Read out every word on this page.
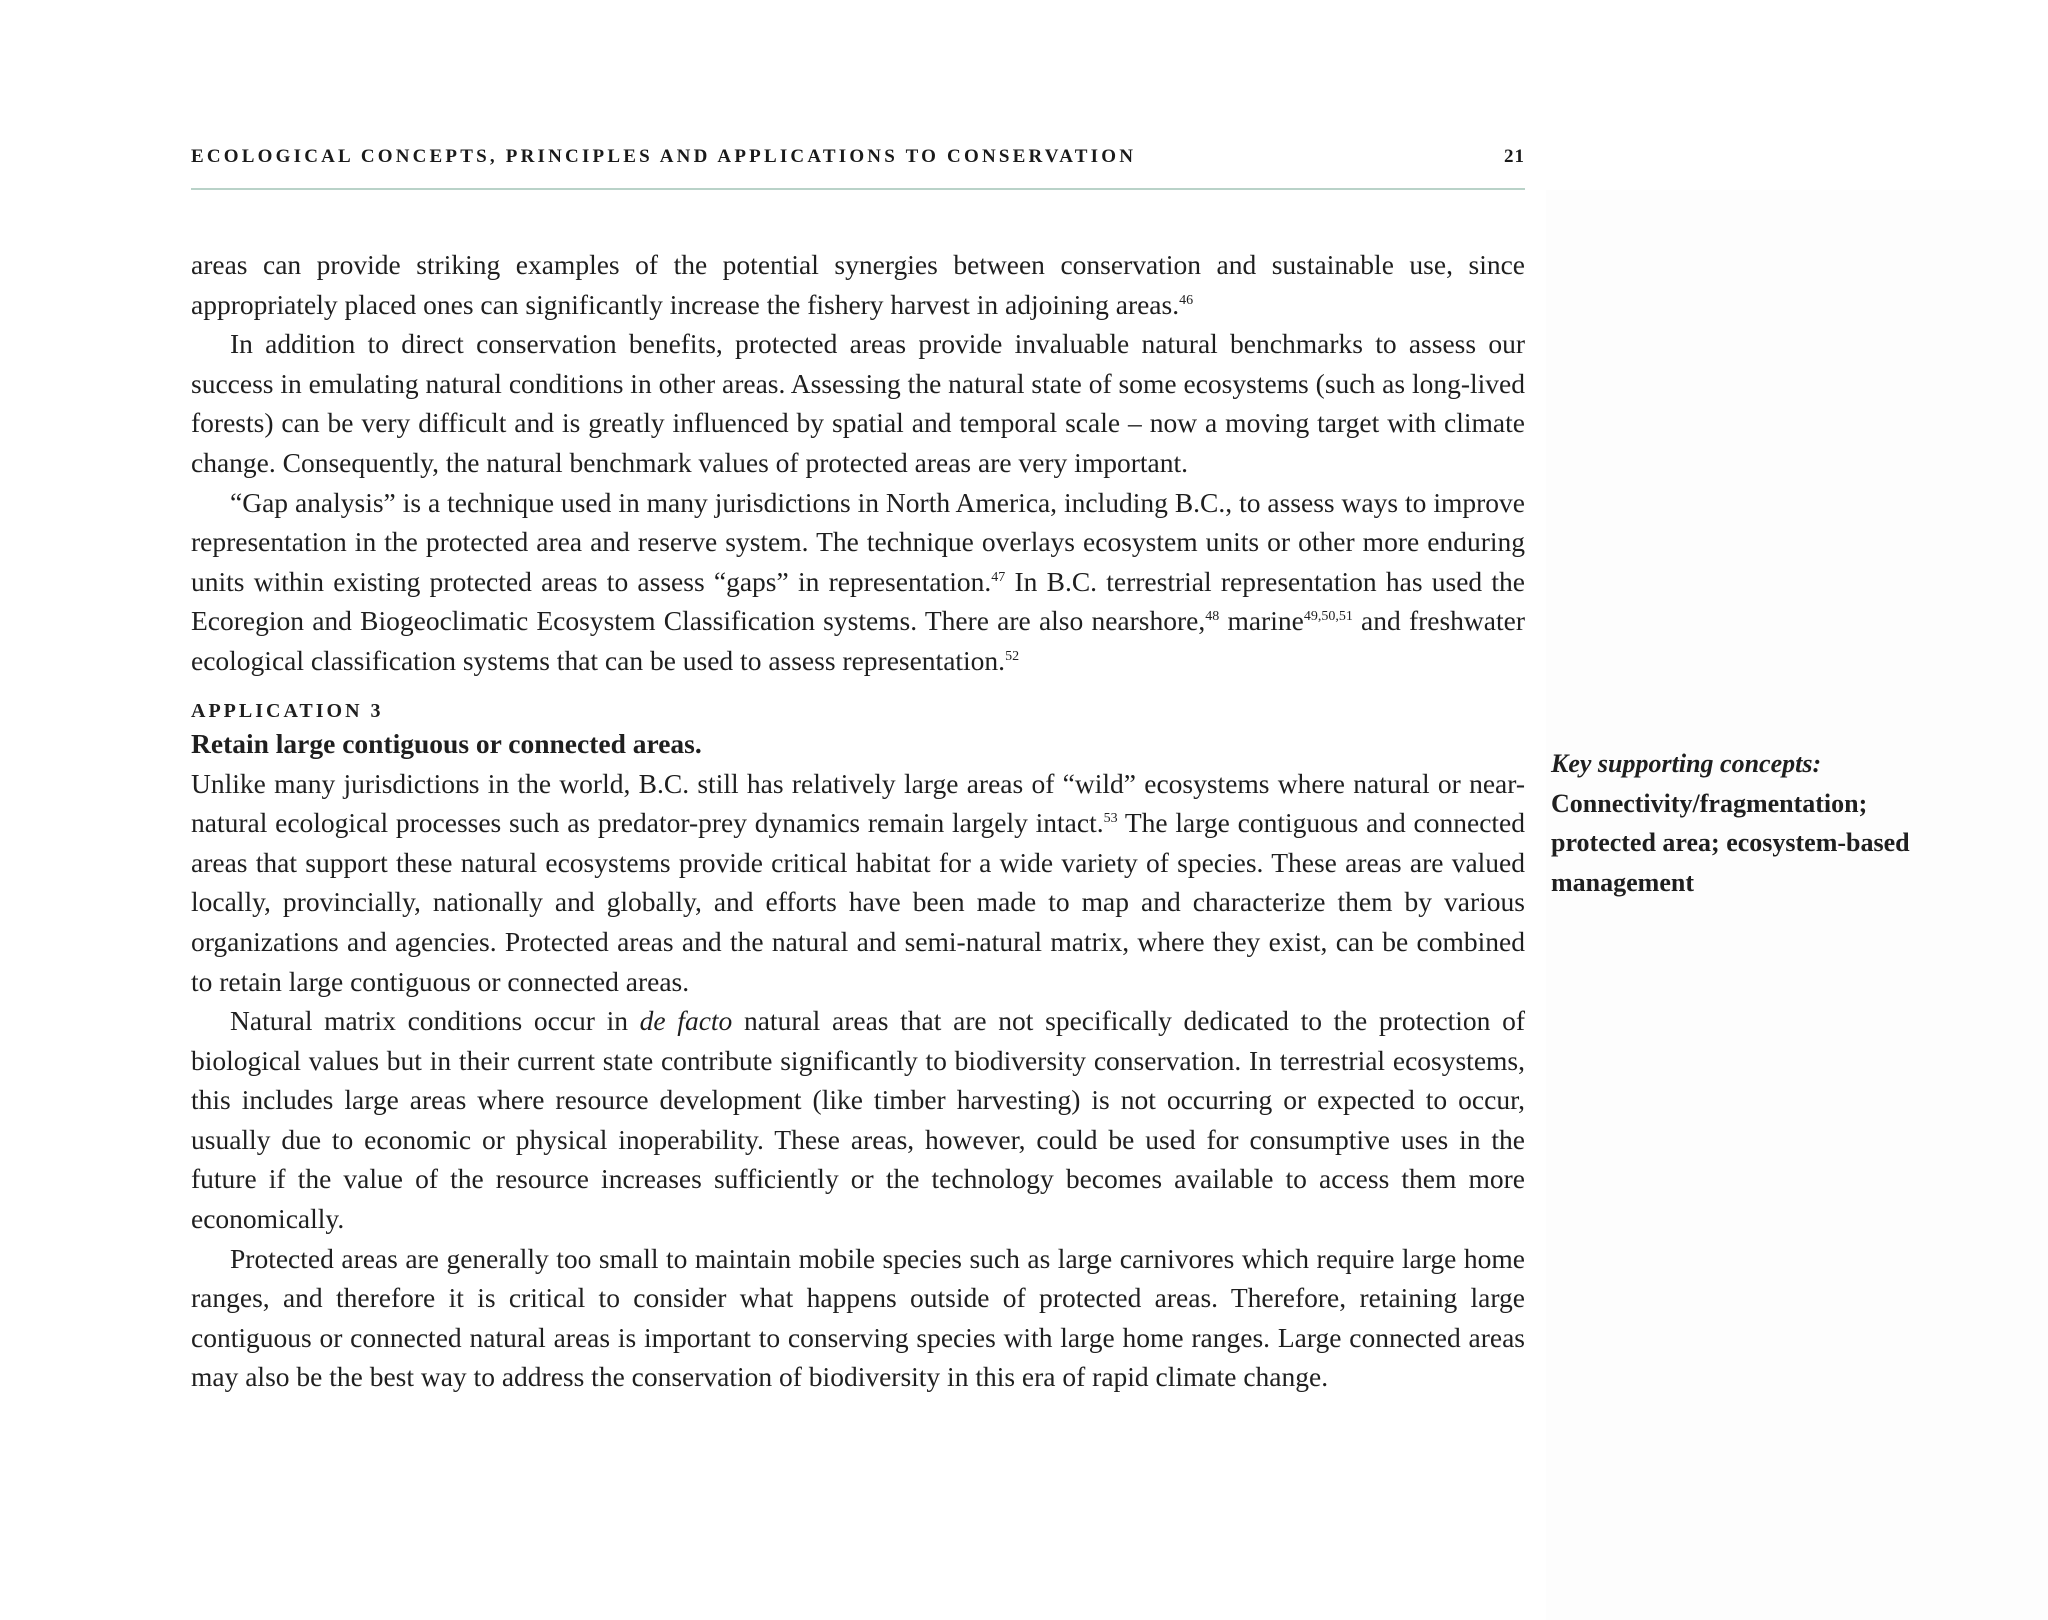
ECOLOGICAL CONCEPTS, PRINCIPLES AND APPLICATIONS TO CONSERVATION	21

areas can provide striking examples of the potential synergies between conservation and sustainable use, since appropriately placed ones can significantly increase the fishery harvest in adjoining areas.$^{46}$

In addition to direct conservation benefits, protected areas provide invaluable natural benchmarks to assess our success in emulating natural conditions in other areas. Assessing the natural state of some ecosystems (such as long-lived forests) can be very difficult and is greatly influenced by spatial and temporal scale – now a moving target with climate change. Consequently, the natural benchmark values of protected areas are very important.

“Gap analysis” is a technique used in many jurisdictions in North America, including B.C., to assess ways to improve representation in the protected area and reserve system. The technique overlays ecosystem units or other more enduring units within existing protected areas to assess “gaps” in representation.$^{47}$ In B.C. terrestrial representation has used the Ecoregion and Biogeoclimatic Ecosystem Classification systems. There are also nearshore,$^{48}$ marine$^{49,50,51}$ and freshwater ecological classification systems that can be used to assess representation.$^{52}$

APPLICATION 3
Retain large contiguous or connected areas.

Unlike many jurisdictions in the world, B.C. still has relatively large areas of “wild” ecosystems where natural or near-natural ecological processes such as predator-prey dynamics remain largely intact.$^{53}$ The large contiguous and connected areas that support these natural ecosystems provide critical habitat for a wide variety of species. These areas are valued locally, provincially, nationally and globally, and efforts have been made to map and characterize them by various organizations and agencies. Protected areas and the natural and semi-natural matrix, where they exist, can be combined to retain large contiguous or connected areas.

Natural matrix conditions occur in de facto natural areas that are not specifically dedicated to the protection of biological values but in their current state contribute significantly to biodiversity conservation. In terrestrial ecosystems, this includes large areas where resource development (like timber harvesting) is not occurring or expected to occur, usually due to economic or physical inoperability. These areas, however, could be used for consumptive uses in the future if the value of the resource increases sufficiently or the technology becomes available to access them more economically.

Protected areas are generally too small to maintain mobile species such as large carnivores which require large home ranges, and therefore it is critical to consider what happens outside of protected areas. Therefore, retaining large contiguous or connected natural areas is important to conserving species with large home ranges. Large connected areas may also be the best way to address the conservation of biodiversity in this era of rapid climate change.

Key supporting concepts:
Connectivity/fragmentation; protected area; ecosystem-based management
